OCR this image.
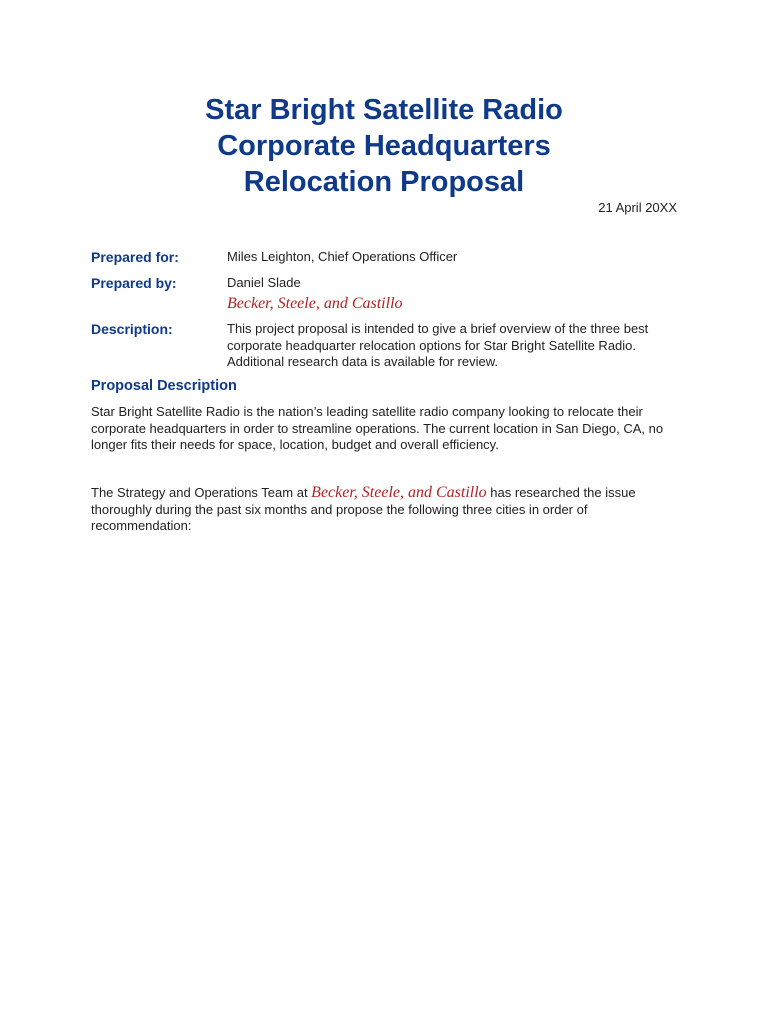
Star Bright Satellite Radio
Corporate Headquarters
Relocation Proposal
21 April 20XX
Prepared for:	Miles Leighton, Chief Operations Officer
Prepared by:	Daniel Slade
Becker, Steele, and Castillo
Description:	This project proposal is intended to give a brief overview of the three best corporate headquarter relocation options for Star Bright Satellite Radio. Additional research data is available for review.
Proposal Description

Star Bright Satellite Radio is the nation’s leading satellite radio company looking to relocate their corporate headquarters in order to streamline operations. The current location in San Diego, CA, no longer fits their needs for space, location, budget and overall efficiency.

The Strategy and Operations Team at Becker, Steele, and Castillo has researched the issue thoroughly during the past six months and propose the following three cities in order of recommendation:
